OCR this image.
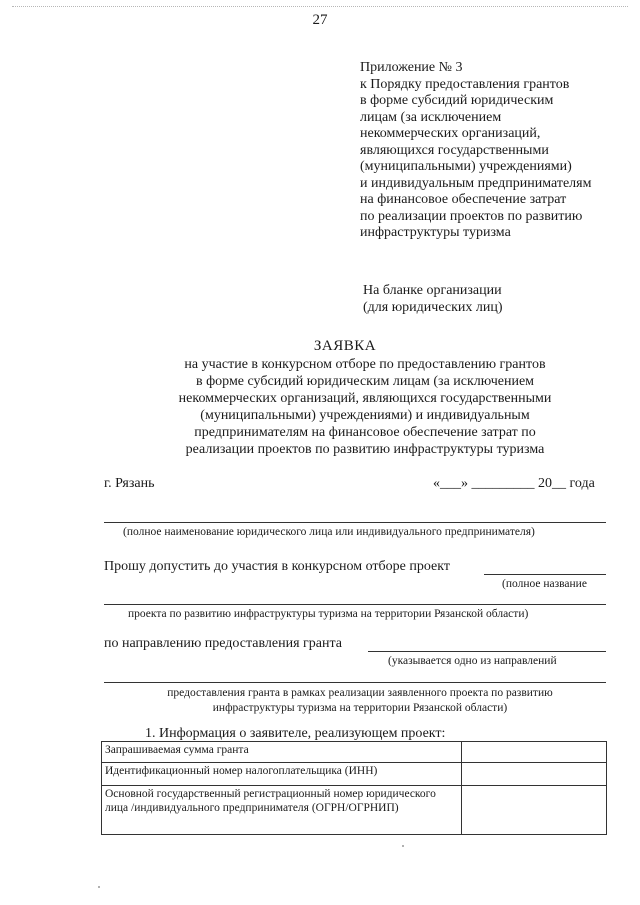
27
Приложение № 3
к Порядку предоставления грантов
в форме субсидий юридическим
лицам (за исключением
некоммерческих организаций,
являющихся государственными
(муниципальными) учреждениями)
и индивидуальным предпринимателям
на финансовое обеспечение затрат
по реализации проектов по развитию
инфраструктуры туризма
На бланке организации
(для юридических лиц)
ЗАЯВКА
на участие в конкурсном отборе по предоставлению грантов
в форме субсидий юридическим лицам (за исключением
некоммерческих организаций, являющихся государственными
(муниципальными) учреждениями) и индивидуальным
предпринимателям на финансовое обеспечение затрат по
реализации проектов по развитию инфраструктуры туризма
г. Рязань	«___» _________ 20__ года
(полное наименование юридического лица или индивидуального предпринимателя)
Прошу допустить до участия в конкурсном отборе проект
(полное название
проекта по развитию инфраструктуры туризма на территории Рязанской области)
по направлению предоставления гранта
(указывается одно из направлений
предоставления гранта в рамках реализации заявленного проекта по развитию
инфраструктуры туризма на территории Рязанской области)
1. Информация о заявителе, реализующем проект:
Запрашиваемая сумма гранта	
Идентификационный номер налогоплательщика (ИНН)	
Основной государственный регистрационный номер юридического лица /индивидуального предпринимателя (ОГРН/ОГРНИП)	
